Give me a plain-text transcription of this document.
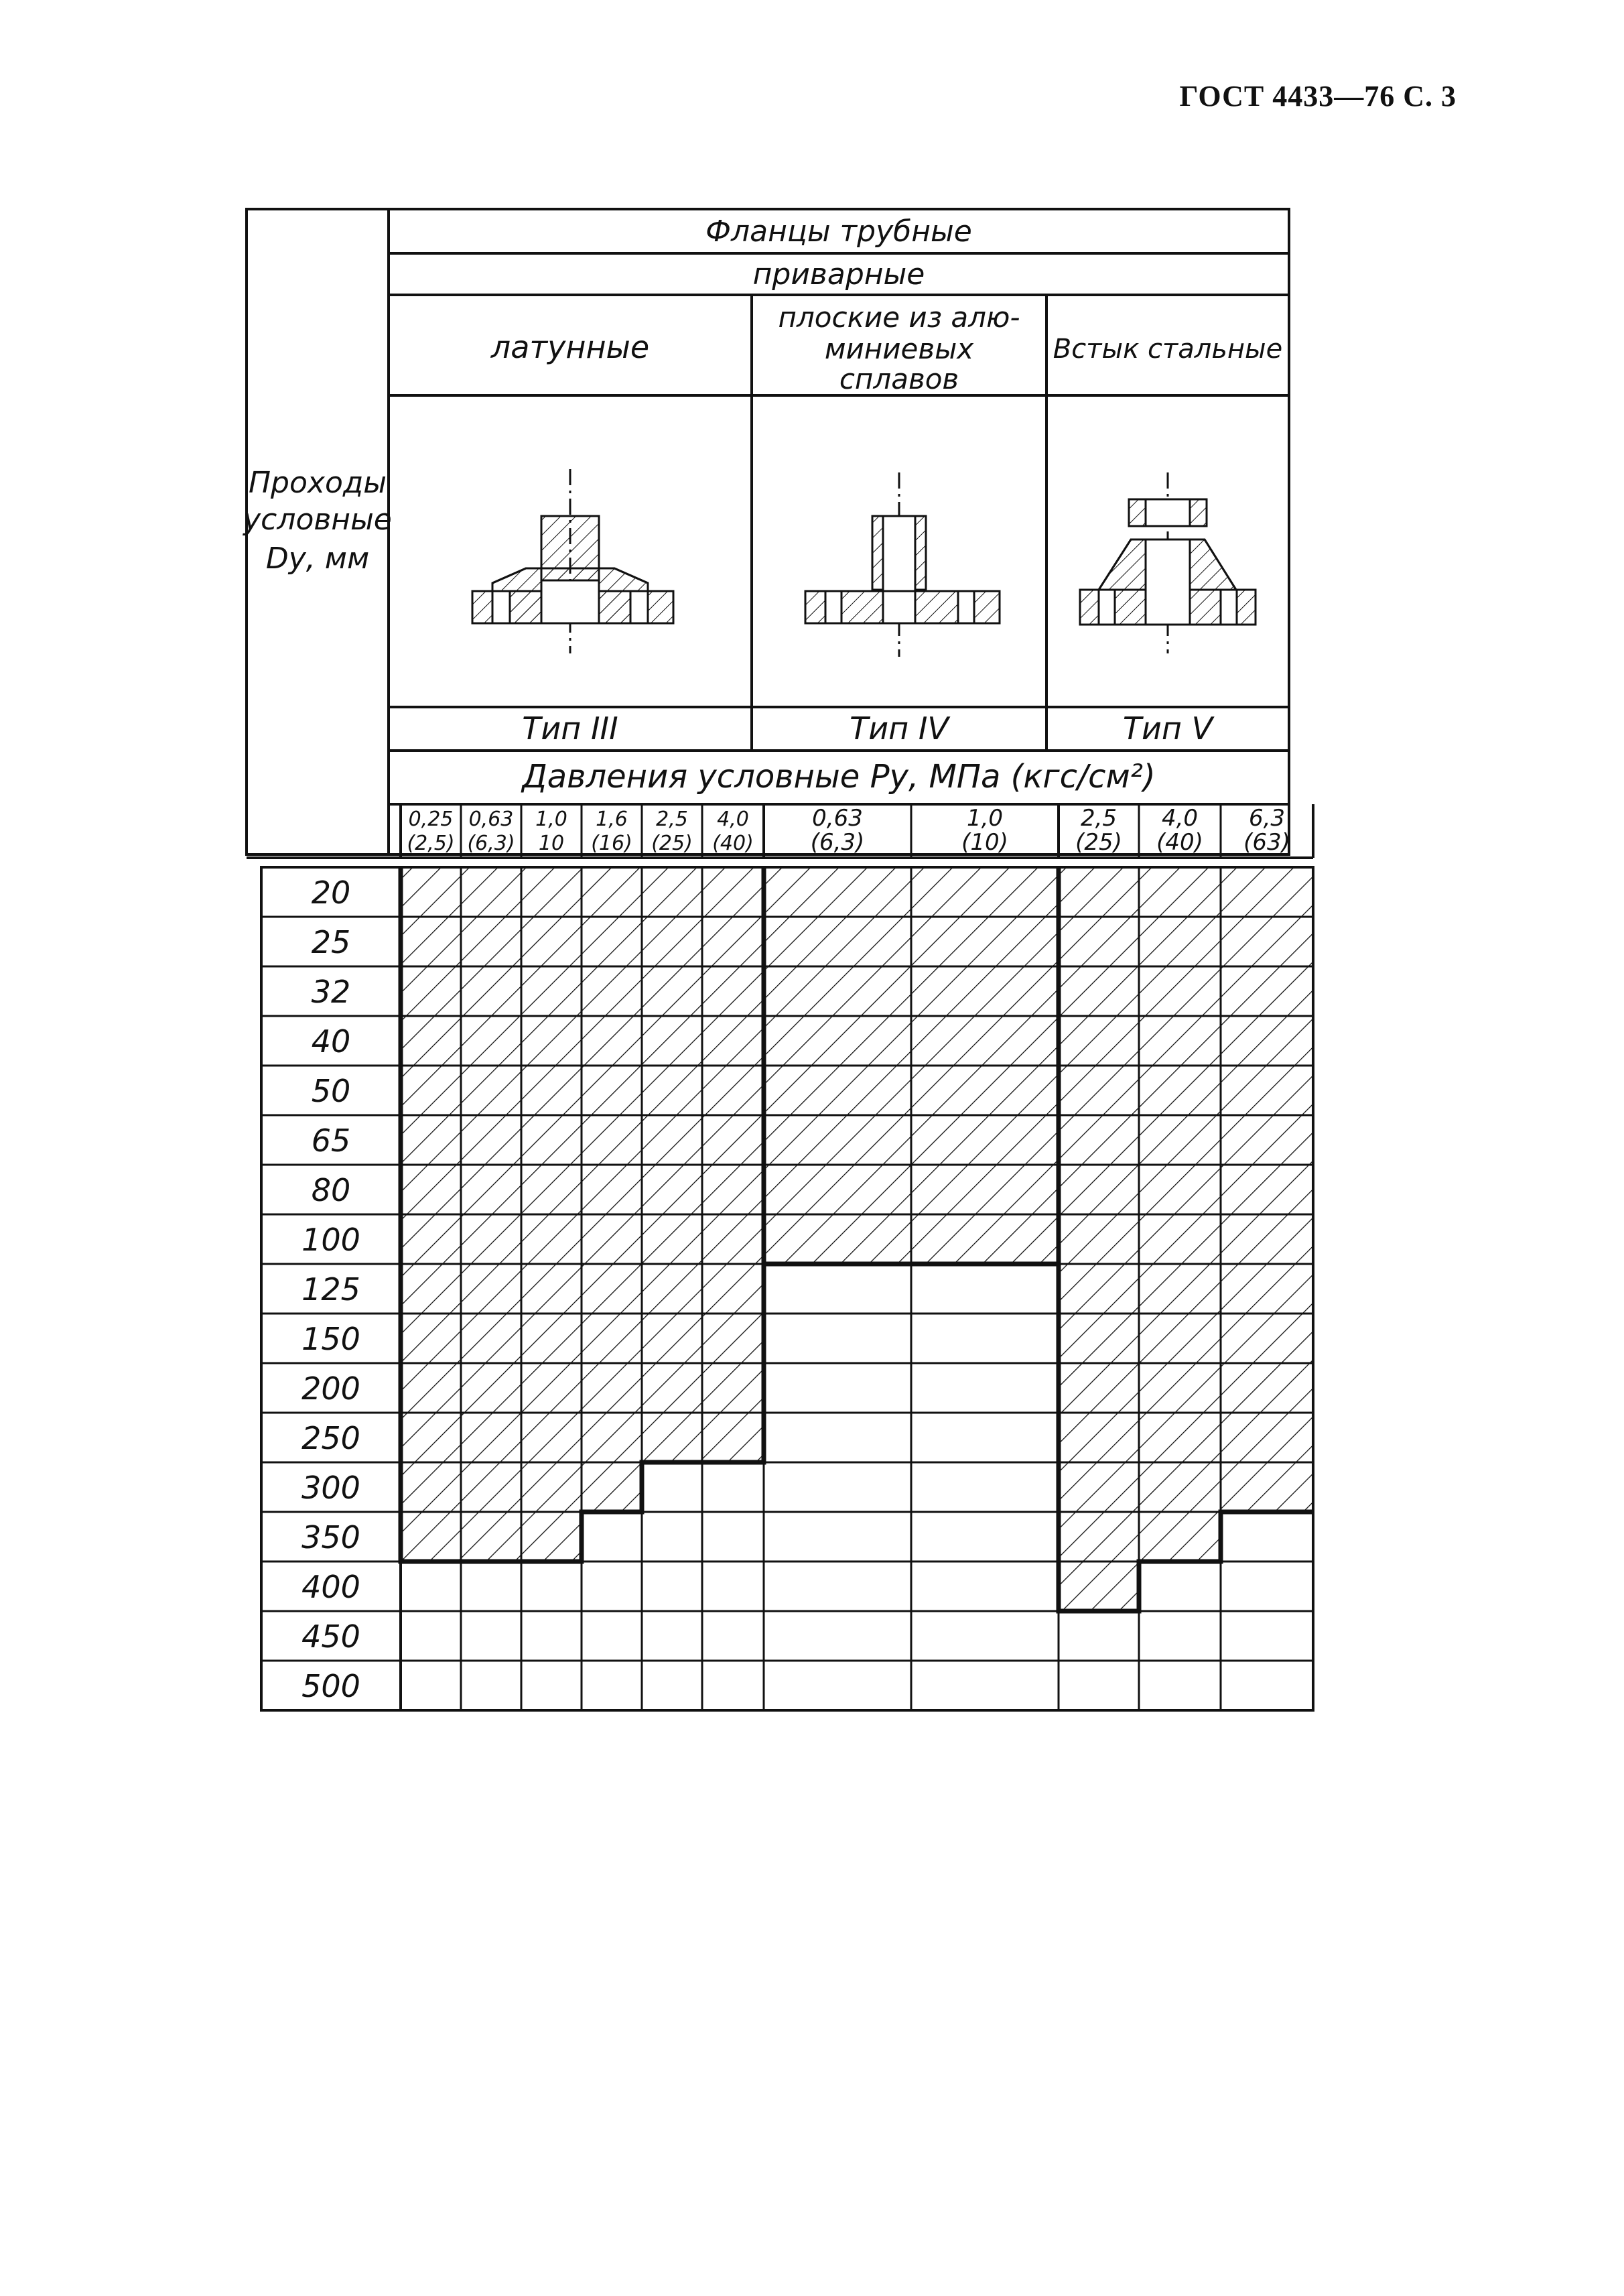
ГОСТ 4433—76 С. 3
Проходы
условные
Dу, мм
Фланцы трубные
приварные
латунные
плоские из алю-
миниевых
сплавов
Встык стальные
Тип III	Тип IV	Тип V
Давления условные Pу, МПа (кгс/см²)
0,25
(2,5)
0,63
(6,3)
1,0
10
1,6
(16)
2,5
(25)
4,0
(40)
0,63
(6,3)
1,0
(10)
2,5
(25)
4,0
(40)
6,3
(63)
20
25
32
40
50
65
80
100
125
150
200
250
300
350
400
450
500
